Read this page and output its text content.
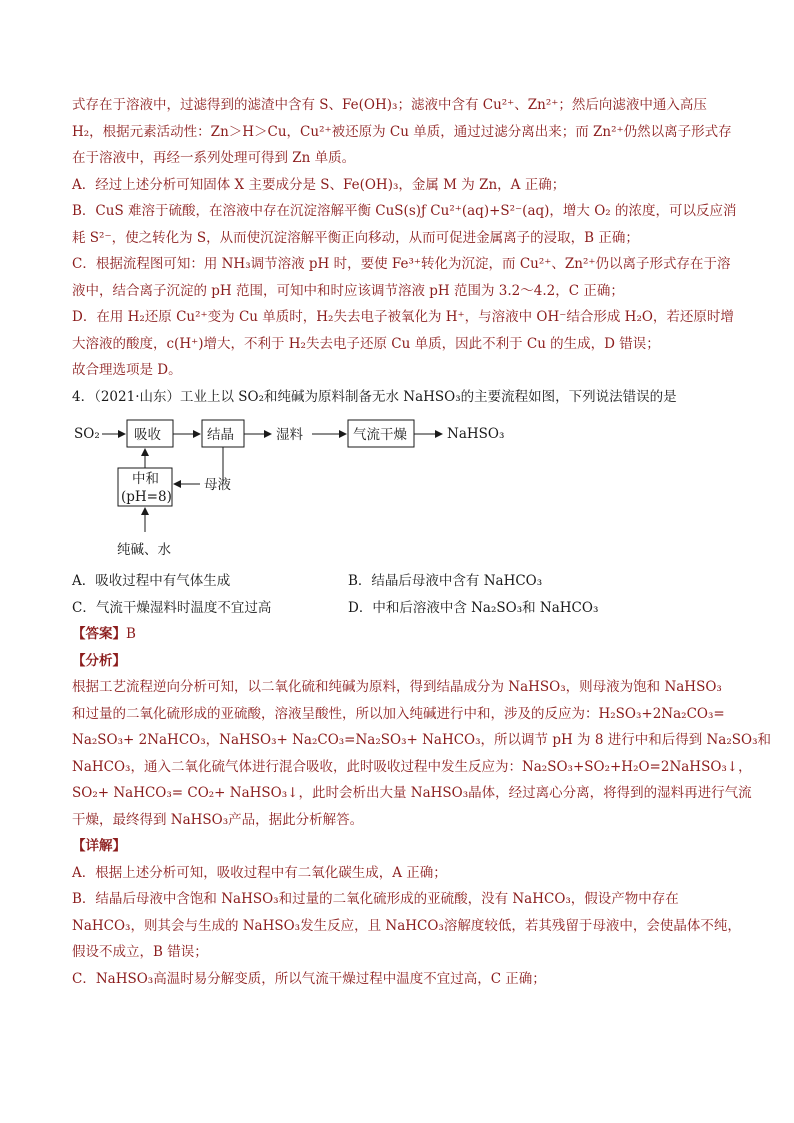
式存在于溶液中，过滤得到的滤渣中含有 S、Fe(OH)₃；滤液中含有 Cu²⁺、Zn²⁺；然后向滤液中通入高压
H₂，根据元素活动性：Zn＞H＞Cu，Cu²⁺被还原为 Cu 单质，通过过滤分离出来；而 Zn²⁺仍然以离子形式存
在于溶液中，再经一系列处理可得到 Zn 单质。
A．经过上述分析可知固体 X 主要成分是 S、Fe(OH)₃，金属 M 为 Zn，A 正确；
B．CuS 难溶于硫酸，在溶液中存在沉淀溶解平衡 CuS(s)ƒ Cu²⁺(aq)+S²⁻(aq)，增大 O₂ 的浓度，可以反应消
耗 S²⁻，使之转化为 S，从而使沉淀溶解平衡正向移动，从而可促进金属离子的浸取，B 正确；
C．根据流程图可知：用 NH₃调节溶液 pH 时，要使 Fe³⁺转化为沉淀，而 Cu²⁺、Zn²⁺仍以离子形式存在于溶
液中，结合离子沉淀的 pH 范围，可知中和时应该调节溶液 pH 范围为 3.2～4.2，C 正确；
D．在用 H₂还原 Cu²⁺变为 Cu 单质时，H₂失去电子被氧化为 H⁺，与溶液中 OH⁻结合形成 H₂O，若还原时增
大溶液的酸度，c(H⁺)增大，不利于 H₂失去电子还原 Cu 单质，因此不利于 Cu 的生成，D 错误；
故合理选项是 D。
4．（2021·山东）工业上以 SO₂和纯碱为原料制备无水 NaHSO₃的主要流程如图，下列说法错误的是
SO₂	吸收	结晶	湿料	气流干燥	NaHSO₃
母液
中和
(pH=8)
纯碱、水
A．吸收过程中有气体生成	B．结晶后母液中含有 NaHCO₃
C．气流干燥湿料时温度不宜过高	D．中和后溶液中含 Na₂SO₃和 NaHCO₃
【答案】B
【分析】
根据工艺流程逆向分析可知，以二氧化硫和纯碱为原料，得到结晶成分为 NaHSO₃，则母液为饱和 NaHSO₃
和过量的二氧化硫形成的亚硫酸，溶液呈酸性，所以加入纯碱进行中和，涉及的反应为：H₂SO₃+2Na₂CO₃=
Na₂SO₃+ 2NaHCO₃，NaHSO₃+ Na₂CO₃=Na₂SO₃+ NaHCO₃，所以调节 pH 为 8 进行中和后得到 Na₂SO₃和
NaHCO₃，通入二氧化硫气体进行混合吸收，此时吸收过程中发生反应为：Na₂SO₃+SO₂+H₂O=2NaHSO₃↓，
SO₂+ NaHCO₃= CO₂+ NaHSO₃↓，此时会析出大量 NaHSO₃晶体，经过离心分离，将得到的湿料再进行气流
干燥，最终得到 NaHSO₃产品，据此分析解答。
【详解】
A．根据上述分析可知，吸收过程中有二氧化碳生成，A 正确；
B．结晶后母液中含饱和 NaHSO₃和过量的二氧化硫形成的亚硫酸，没有 NaHCO₃，假设产物中存在
NaHCO₃，则其会与生成的 NaHSO₃发生反应，且 NaHCO₃溶解度较低，若其残留于母液中，会使晶体不纯，
假设不成立，B 错误；
C．NaHSO₃高温时易分解变质，所以气流干燥过程中温度不宜过高，C 正确；
